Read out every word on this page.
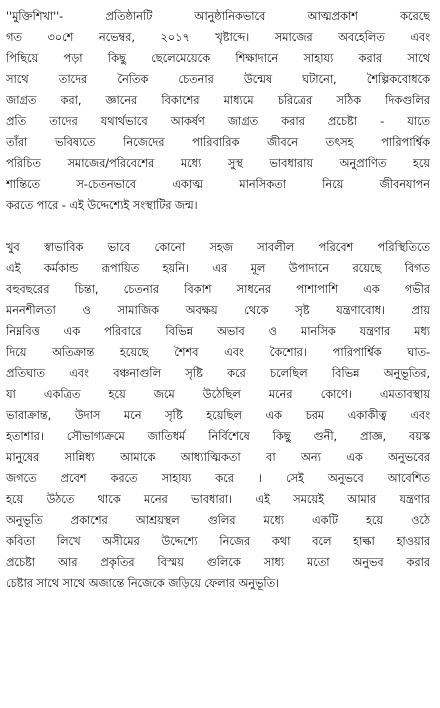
''মুক্তিশিখা''- প্রতিষ্ঠানটি আনুষ্ঠানিকভাবে আত্মপ্রকাশ করেছে
গত ৩০শে নভেম্বর, ২০১৭ খৃষ্টাব্দে। সমাজের অবহেলিত এবং
পিছিয়ে পড়া কিছু ছেলেমেয়েকে শিক্ষাদানে সাহায্য করার সাথে
সাথে তাদের নৈতিক চেতনার উন্মেষ ঘটানো, শৈল্পিকবোধকে
জাগ্রত করা, জ্ঞানের বিকাশের মাধ্যমে চরিত্রের সঠিক দিকগুলির
প্রতি তাদের যথার্থভাবে আকর্ষণ জাগ্রত করার প্রচেষ্টা - যাতে
তাঁরা ভবিষ্যতে নিজেদের পারিবারিক জীবনে তৎসহ পারিপার্শ্বিক
পরিচিত সমাজের/পরিবেশের মধ্যে সুস্থ ভাবধারায় অনুপ্রাণিত হয়ে
শান্তিতে স-চেতনভাবে একাত্ম মানসিকতা নিয়ে জীবনযাপন
করতে পারে - এই উদ্দেশ্যেই সংস্থাটির জন্ম।
খুব স্বাভাবিক ভাবে কোনো সহজ সাবলীল পরিবেশ পরিস্থিতিতে
এই কর্মকান্ড রূপায়িত হয়নি। এর মূল উপাদানে রয়েছে বিগত
বহুবছরের চিন্তা, চেতনার বিকাশ সাধনের পাশাপাশি এক গভীর
মননশীলতা ও সামাজিক অবক্ষয় থেকে সৃষ্ট যন্ত্রণাবোধ। প্রায়
নিম্নবিত্ত এক পরিবারে বিভিন্ন অভাব ও মানসিক যন্ত্রণার মধ্য
দিয়ে অতিক্রান্ত হয়েছে শৈশব এবং কৈশোর। পারিপার্শ্বিক ঘাত-
প্রতিঘাত এবং বঞ্চনাগুলি সৃষ্টি করে চলেছিল বিভিন্ন অনুভূতির,
যা একত্রিত হয়ে জমে উঠেছিল মনের কোণে। এমতাবস্থায়
ভারাক্রান্ত, উদাস মনে সৃষ্টি হয়েছিল এক চরম একাকীত্ব এবং
হতাশার। সৌভাগ্যক্রমে জাতিধর্ম নির্বিশেষে কিছু গুনী, প্রাজ্ঞ, বয়স্ক
মানুষের সান্নিধ্য আমাকে আধ্যাত্মিকতা বা অন্য এক অনুভবের
জগতে প্রবেশ করতে সাহায্য করে । সেই অনুভবে আবেশিত
হয়ে উঠতে থাকে মনের ভাবধারা। এই সময়েই আমার যন্ত্রণার
অনুভূতি প্রকাশের আশ্রয়স্থল গুলির মধ্যে একটি হয়ে ওঠে
কবিতা লিখে অসীমের উদ্দেশ্যে নিজের কথা বলে হাল্কা হাওয়ার
প্রচেষ্টা আর প্রকৃতির বিস্ময় গুলিকে সাধ্য মতো অনুভব করার
চেষ্টার সাথে সাথে অজান্তে নিজেকে জড়িয়ে ফেলার অনুভূতি।
